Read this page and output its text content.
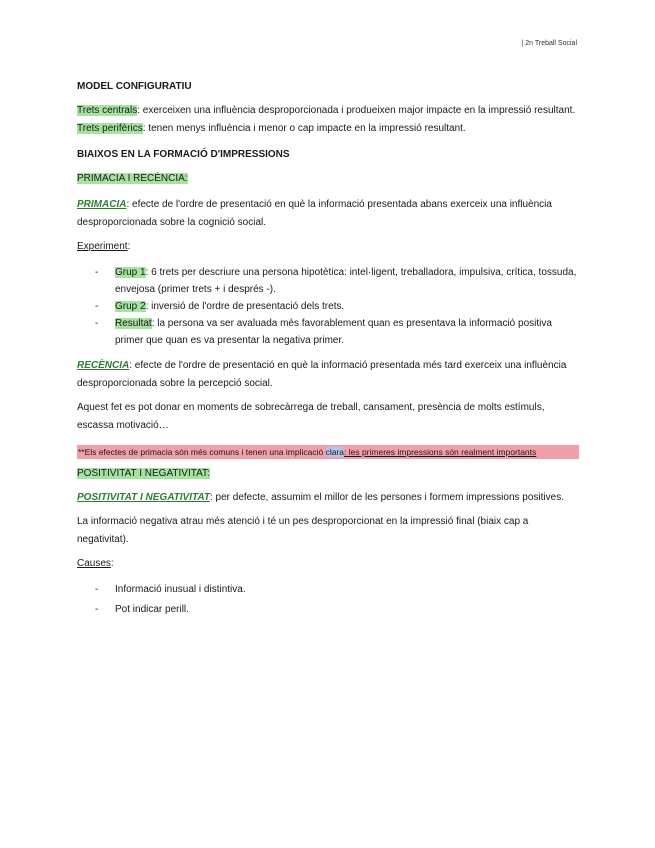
| 2n Treball Social

MODEL CONFIGURATIU

Trets centrals: exerceixen una influència desproporcionada i produeixen major impacte en la impressió resultant.

Trets perifèrics: tenen menys influència i menor o cap impacte en la impressió resultant.

BIAIXOS EN LA FORMACIÓ D'IMPRESSIONS

PRIMACIA I RECÈNCIA:

PRIMACIA: efecte de l'ordre de presentació en què la informació presentada abans exerceix una influència desproporcionada sobre la cognició social.

Experiment:

- Grup 1: 6 trets per descriure una persona hipotètica: intel·ligent, treballadora, impulsiva, crítica, tossuda, envejosa (primer trets + i després -).
- Grup 2: inversió de l'ordre de presentació dels trets.
- Resultat: la persona va ser avaluada més favorablement quan es presentava la informació positiva primer que quan es va presentar la negativa primer.

RECÈNCIA: efecte de l'ordre de presentació en què la informació presentada més tard exerceix una influència desproporcionada sobre la percepció social.

Aquest fet es pot donar en moments de sobrecàrrega de treball, cansament, presència de molts estímuls, escassa motivació…

**Els efectes de primacia són més comuns i tenen una implicació clara: les primeres impressions són realment importants

POSITIVITAT I NEGATIVITAT:

POSITIVITAT I NEGATIVITAT: per defecte, assumim el millor de les persones i formem impressions positives.

La informació negativa atrau més atenció i té un pes desproporcionat en la impressió final (biaix cap a negativitat).

Causes:

- Informació inusual i distintiva.
- Pot indicar perill.
